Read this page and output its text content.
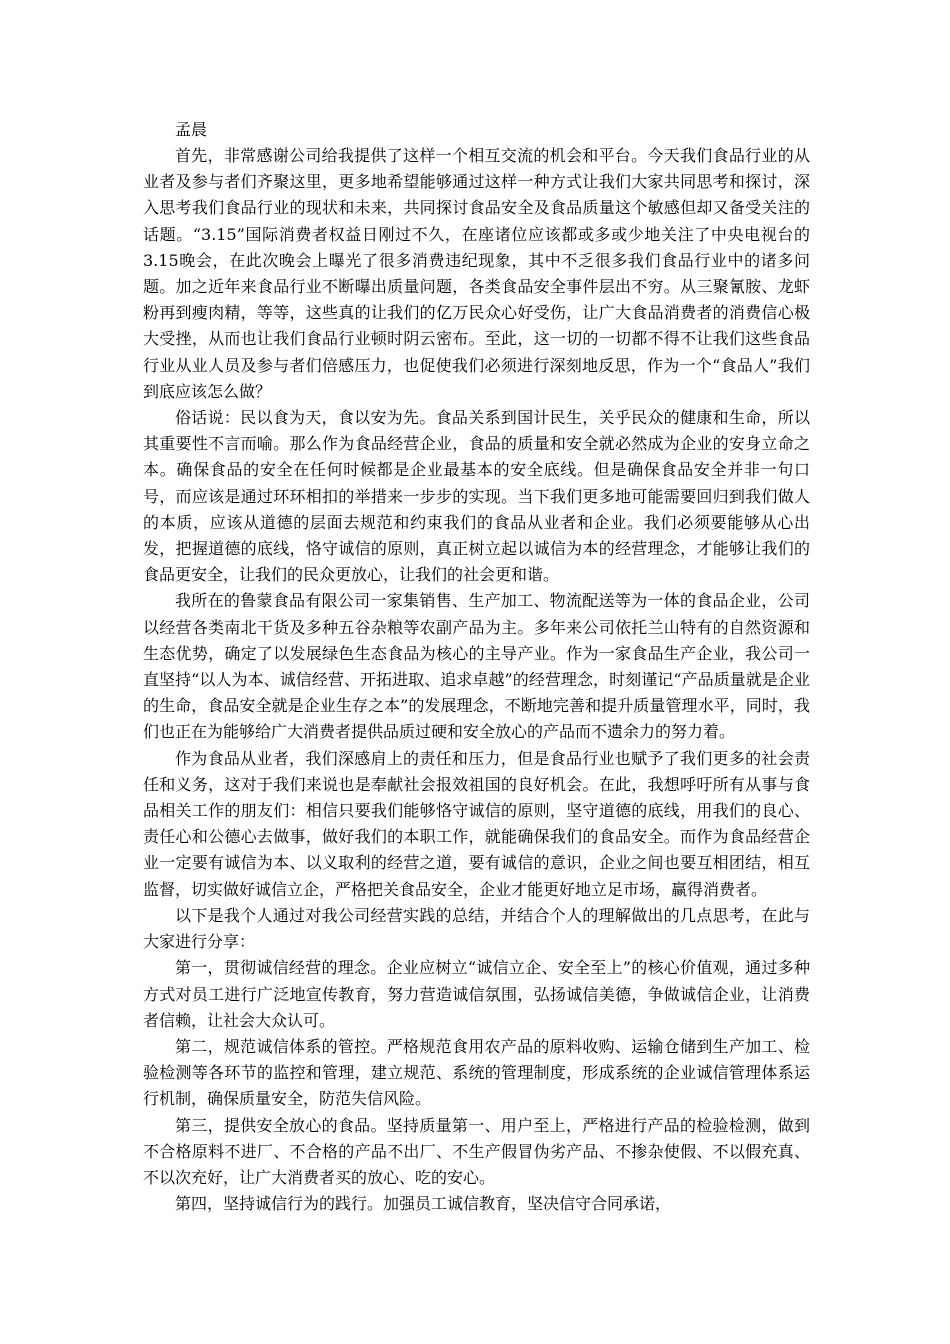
孟晨

首先，非常感谢公司给我提供了这样一个相互交流的机会和平台。今天我们食品行业的从业者及参与者们齐聚这里，更多地希望能够通过这样一种方式让我们大家共同思考和探讨，深入思考我们食品行业的现状和未来，共同探讨食品安全及食品质量这个敏感但却又备受关注的话题。“3.15”国际消费者权益日刚过不久，在座诸位应该都或多或少地关注了中央电视台的3.15晚会，在此次晚会上曝光了很多消费违纪现象，其中不乏很多我们食品行业中的诸多问题。加之近年来食品行业不断曝出质量问题，各类食品安全事件层出不穷。从三聚氰胺、龙虾粉再到瘦肉精，等等，这些真的让我们的亿万民众心好受伤，让广大食品消费者的消费信心极大受挫，从而也让我们食品行业顿时阴云密布。至此，这一切的一切都不得不让我们这些食品行业从业人员及参与者们倍感压力，也促使我们必须进行深刻地反思，作为一个“食品人”我们到底应该怎么做？

俗话说：民以食为天，食以安为先。食品关系到国计民生，关乎民众的健康和生命，所以其重要性不言而喻。那么作为食品经营企业，食品的质量和安全就必然成为企业的安身立命之本。确保食品的安全在任何时候都是企业最基本的安全底线。但是确保食品安全并非一句口号，而应该是通过环环相扣的举措来一步步的实现。当下我们更多地可能需要回归到我们做人的本质，应该从道德的层面去规范和约束我们的食品从业者和企业。我们必须要能够从心出发，把握道德的底线，恪守诚信的原则，真正树立起以诚信为本的经营理念，才能够让我们的食品更安全，让我们的民众更放心，让我们的社会更和谐。

我所在的鲁蒙食品有限公司一家集销售、生产加工、物流配送等为一体的食品企业，公司以经营各类南北干货及多种五谷杂粮等农副产品为主。多年来公司依托兰山特有的自然资源和生态优势，确定了以发展绿色生态食品为核心的主导产业。作为一家食品生产企业，我公司一直坚持“以人为本、诚信经营、开拓进取、追求卓越”的经营理念，时刻谨记“产品质量就是企业的生命，食品安全就是企业生存之本”的发展理念，不断地完善和提升质量管理水平，同时，我们也正在为能够给广大消费者提供品质过硬和安全放心的产品而不遗余力的努力着。

作为食品从业者，我们深感肩上的责任和压力，但是食品行业也赋予了我们更多的社会责任和义务，这对于我们来说也是奉献社会报效祖国的良好机会。在此，我想呼吁所有从事与食品相关工作的朋友们：相信只要我们能够恪守诚信的原则，坚守道德的底线，用我们的良心、责任心和公德心去做事，做好我们的本职工作，就能确保我们的食品安全。而作为食品经营企业一定要有诚信为本、以义取利的经营之道，要有诚信的意识，企业之间也要互相团结，相互监督，切实做好诚信立企，严格把关食品安全，企业才能更好地立足市场，赢得消费者。

以下是我个人通过对我公司经营实践的总结，并结合个人的理解做出的几点思考，在此与大家进行分享：

第一，贯彻诚信经营的理念。企业应树立“诚信立企、安全至上”的核心价值观，通过多种方式对员工进行广泛地宣传教育，努力营造诚信氛围，弘扬诚信美德，争做诚信企业，让消费者信赖，让社会大众认可。

第二，规范诚信体系的管控。严格规范食用农产品的原料收购、运输仓储到生产加工、检验检测等各环节的监控和管理，建立规范、系统的管理制度，形成系统的企业诚信管理体系运行机制，确保质量安全，防范失信风险。

第三，提供安全放心的食品。坚持质量第一、用户至上，严格进行产品的检验检测，做到不合格原料不进厂、不合格的产品不出厂、不生产假冒伪劣产品、不掺杂使假、不以假充真、不以次充好，让广大消费者买的放心、吃的安心。

第四，坚持诚信行为的践行。加强员工诚信教育，坚决信守合同承诺，
